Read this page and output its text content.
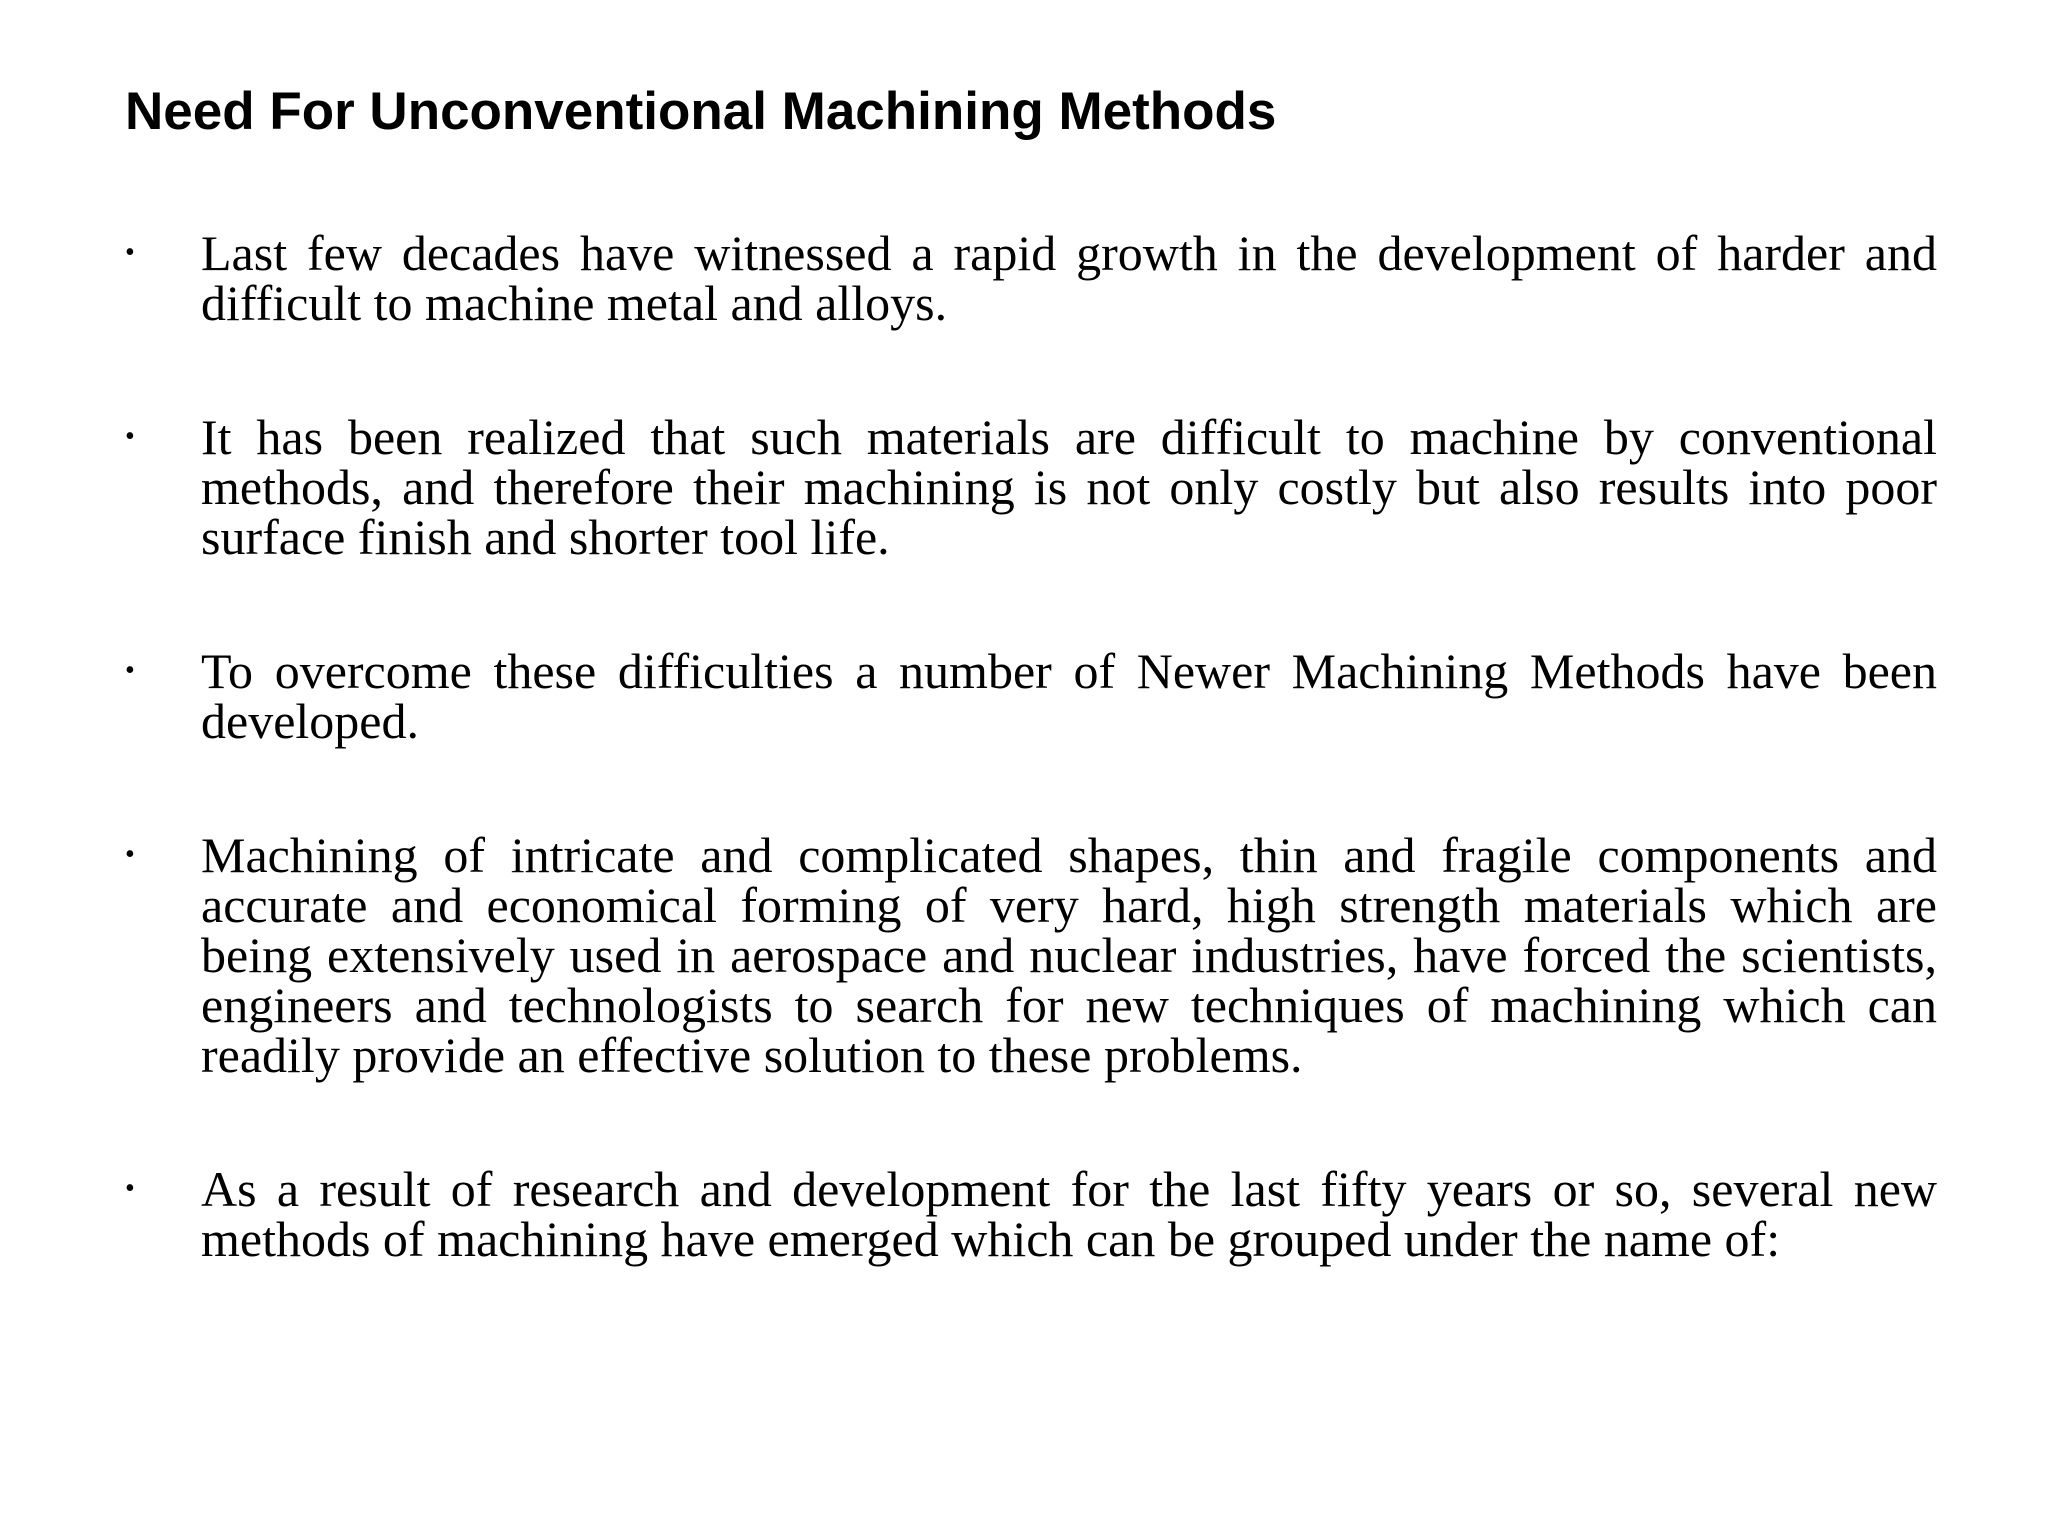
Need For Unconventional Machining Methods
• Last few decades have witnessed a rapid growth in the development of harder and difficult to machine metal and alloys.
• It has been realized that such materials are difficult to machine by conventional methods, and therefore their machining is not only costly but also results into poor surface finish and shorter tool life.
• To overcome these difficulties a number of Newer Machining Methods have been developed.
• Machining of intricate and complicated shapes, thin and fragile components and accurate and economical forming of very hard, high strength materials which are being extensively used in aerospace and nuclear industries, have forced the scientists, engineers and technologists to search for new techniques of machining which can readily provide an effective solution to these problems.
• As a result of research and development for the last fifty years or so, several new methods of machining have emerged which can be grouped under the name of:
